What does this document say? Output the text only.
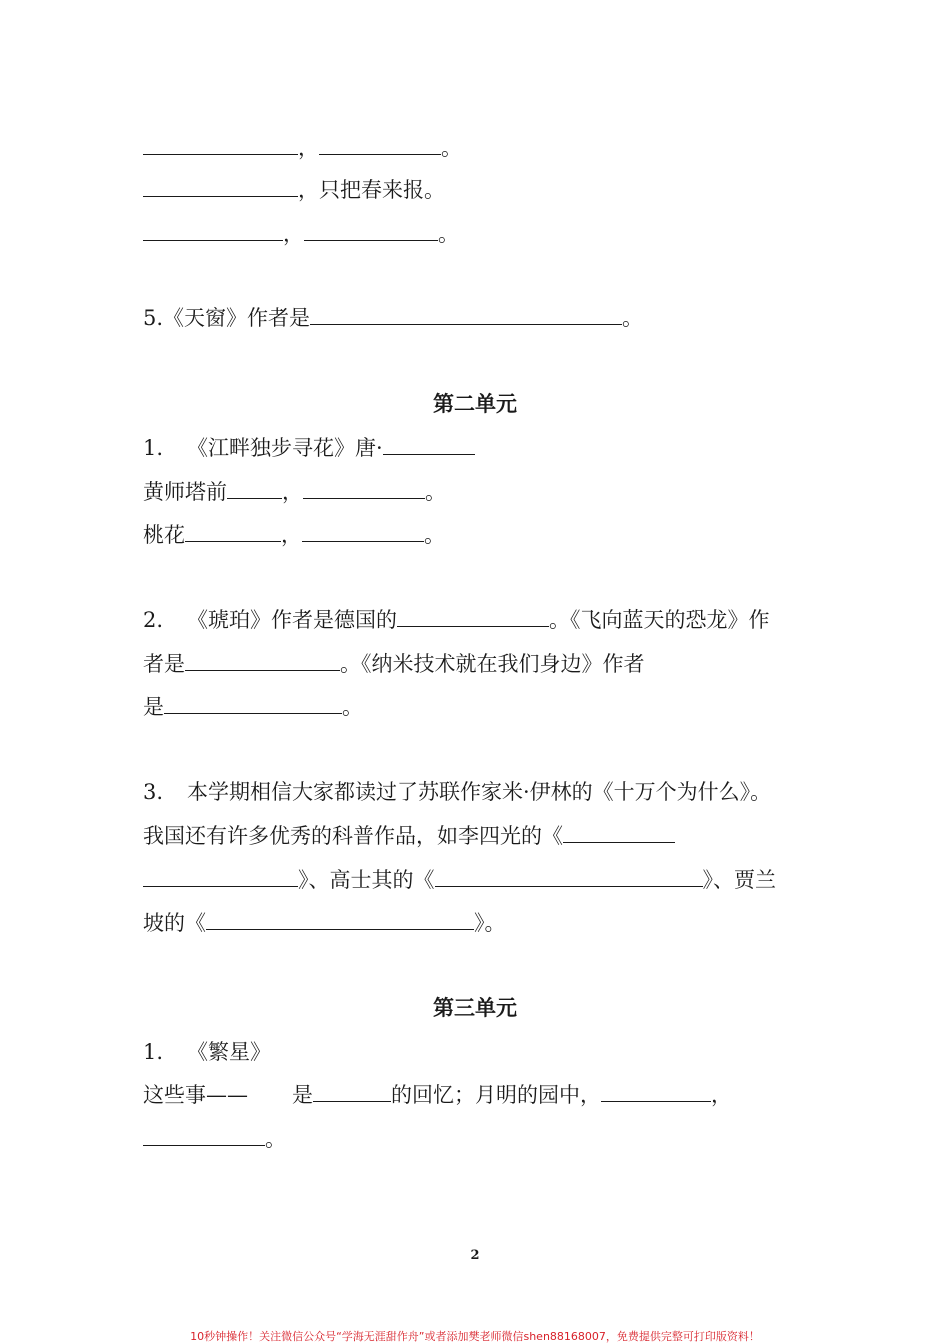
，	。
，只把春来报。
，	。
5.《天窗》作者是	。
第二单元
1. 《江畔独步寻花》唐·
黄师塔前	，	。
桃花	，	。
2. 《琥珀》作者是德国的	。《飞向蓝天的恐龙》作
者是	。《纳米技术就在我们身边》作者
是	。
3. 本学期相信大家都读过了苏联作家米·伊林的《十万个为什么》。
我国还有许多优秀的科普作品，如李四光的《
》、高士其的《	》、贾兰
坡的《	》。
第三单元
1. 《繁星》
这些事—— 是	的回忆；月明的园中，	，
。
2
10秒钟操作！关注微信公众号“学海无涯甜作舟”或者添加樊老师微信shen88168007，免费提供完整可打印版资料！
